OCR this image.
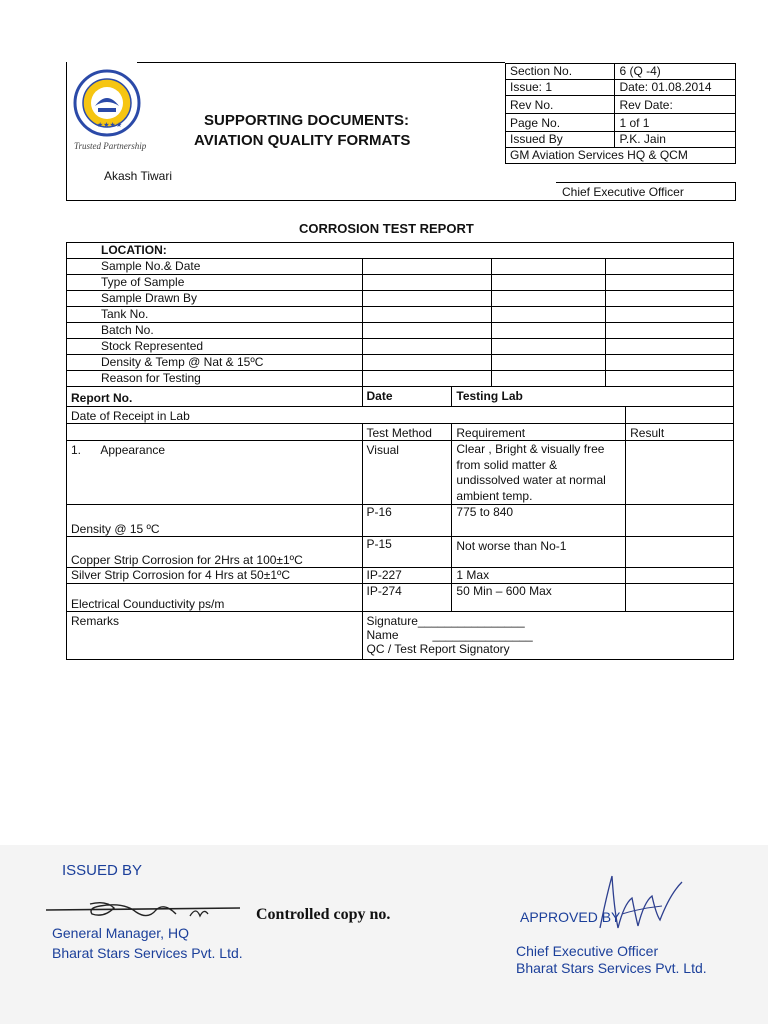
★★★★
Trusted Partnership
SUPPORTING DOCUMENTS:
AVIATION QUALITY FORMATS
Akash Tiwari
Section No.	6 (Q -4)
Issue: 1	Date: 01.08.2014
Rev No.	Rev Date:
Page No.	1 of 1
Issued By	P.K. Jain
GM Aviation Services HQ & QCM	
Chief Executive Officer
CORROSION TEST REPORT
LOCATION:			
Sample No.& Date			
Type of Sample			
Sample Drawn By			
Tank No.			
Batch No.			
Stock Represented			
Density & Temp @ Nat & 15ºC			
Reason for Testing			
Report No.	Date	Testing Lab	
Date of Receipt in Lab			
	Test Method	Requirement	Result
1.      Appearance	Visual	Clear , Bright & visually free
from solid matter &
undissolved water at normal
ambient temp.	

Density @ 15 ºC	P-16	775 to 840	
Copper Strip Corrosion for 2Hrs at 100±1ºC	P-15	Not worse than No-1	
Silver Strip Corrosion for 4 Hrs at 50±1ºC	IP-227	1 Max	
Electrical Counductivity ps/m	IP-274	50 Min – 600 Max	
Remarks	Signature________________
Name _______________
QC / Test Report Signatory		
ISSUED BY
General Manager, HQ
Bharat Stars Services Pvt. Ltd.
Controlled copy no.	APPROVED BY
Chief Executive Officer
Bharat Stars Services Pvt. Ltd.
